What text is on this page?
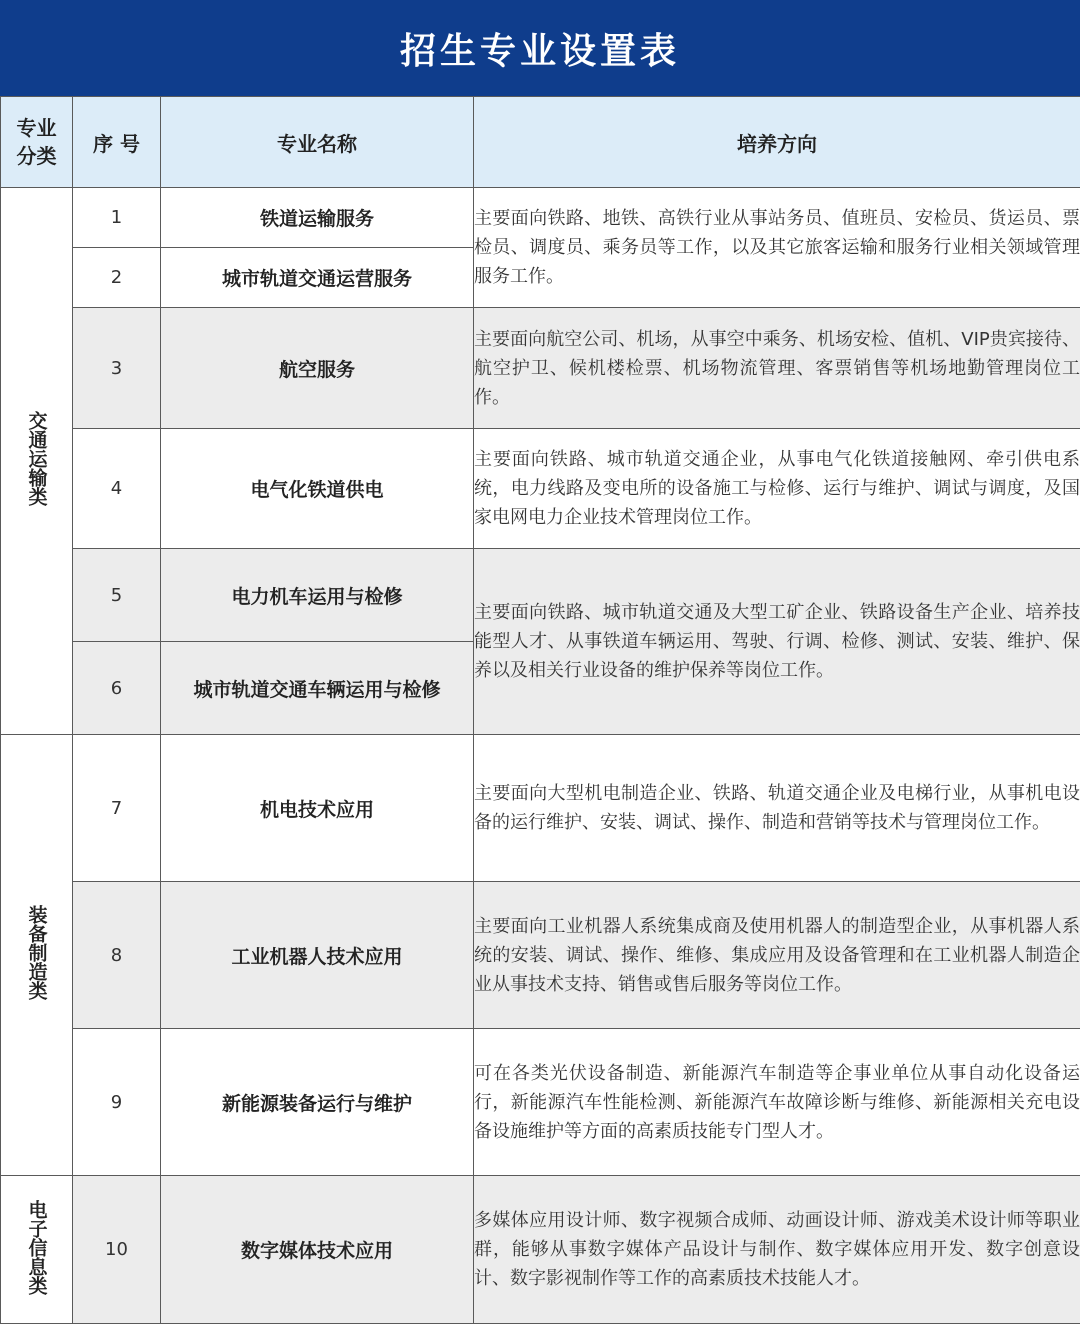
招生专业设置表
专业
分类	序 号	专业名称	培养方向
交通运输类	1	铁道运输服务	主要面向铁路、地铁、高铁行业从事站务员、值班员、安检员、货运员、票检员、调度员、乘务员等工作，以及其它旅客运输和服务行业相关领域管理服务工作。
	2	城市轨道交通运营服务	
	3	航空服务	主要面向航空公司、机场，从事空中乘务、机场安检、值机、VIP贵宾接待、航空护卫、候机楼检票、机场物流管理、客票销售等机场地勤管理岗位工作。
	4	电气化铁道供电	主要面向铁路、城市轨道交通企业，从事电气化铁道接触网、牵引供电系统，电力线路及变电所的设备施工与检修、运行与维护、调试与调度，及国家电网电力企业技术管理岗位工作。
	5	电力机车运用与检修	主要面向铁路、城市轨道交通及大型工矿企业、铁路设备生产企业、培养技能型人才、从事铁道车辆运用、驾驶、行调、检修、测试、安装、维护、保养以及相关行业设备的维护保养等岗位工作。
	6	城市轨道交通车辆运用与检修	
装备制造类	7	机电技术应用	主要面向大型机电制造企业、铁路、轨道交通企业及电梯行业，从事机电设备的运行维护、安装、调试、操作、制造和营销等技术与管理岗位工作。
	8	工业机器人技术应用	主要面向工业机器人系统集成商及使用机器人的制造型企业，从事机器人系统的安装、调试、操作、维修、集成应用及设备管理和在工业机器人制造企业从事技术支持、销售或售后服务等岗位工作。
	9	新能源装备运行与维护	可在各类光伏设备制造、新能源汽车制造等企事业单位从事自动化设备运行，新能源汽车性能检测、新能源汽车故障诊断与维修、新能源相关充电设备设施维护等方面的高素质技能专门型人才。
电子信息类	10	数字媒体技术应用	多媒体应用设计师、数字视频合成师、动画设计师、游戏美术设计师等职业群，能够从事数字媒体产品设计与制作、数字媒体应用开发、数字创意设计、数字影视制作等工作的高素质技术技能人才。
